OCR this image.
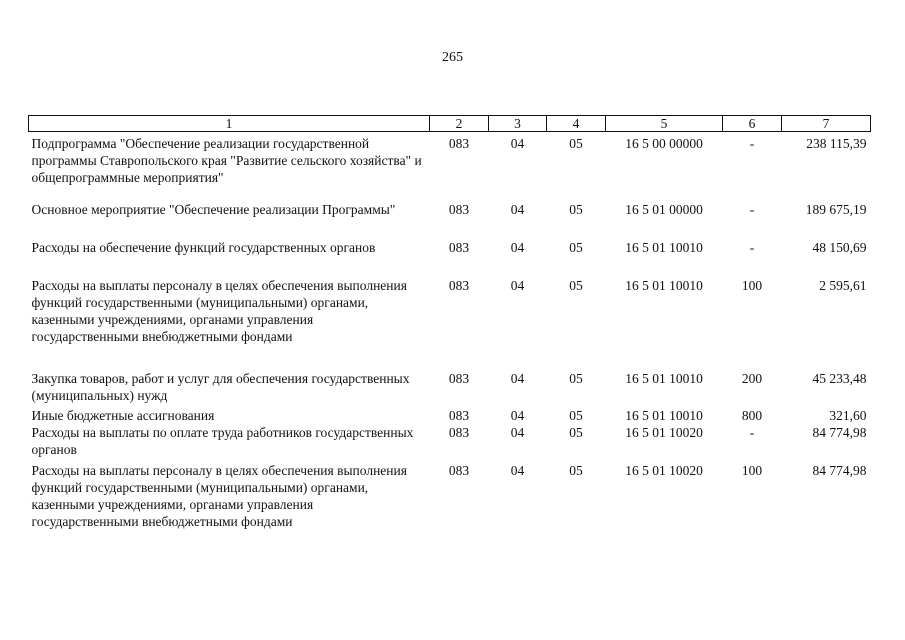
265
1	2	3	4	5	6	7
Подпрограмма "Обеспечение реализации государственной программы Ставропольского края "Развитие сельского хозяйства" и общепрограммные мероприятия"	083	04	05	16 5 00 00000	-	238 115,39
Основное мероприятие "Обеспечение реализации Программы"	083	04	05	16 5 01 00000	-	189 675,19
Расходы на обеспечение функций государственных органов	083	04	05	16 5 01 10010	-	48 150,69
Расходы на выплаты персоналу в целях обеспечения выполнения функций государственными (муниципальными) органами, казенными учреждениями, органами управления государственными внебюджетными фондами	083	04	05	16 5 01 10010	100	2 595,61
Закупка товаров, работ и услуг для обеспечения государственных (муниципальных) нужд	083	04	05	16 5 01 10010	200	45 233,48
Иные бюджетные ассигнования	083	04	05	16 5 01 10010	800	321,60
Расходы на выплаты по оплате труда работников государственных органов	083	04	05	16 5 01 10020	-	84 774,98
Расходы на выплаты персоналу в целях обеспечения выполнения функций государственными (муниципальными) органами, казенными учреждениями, органами управления государственными внебюджетными фондами	083	04	05	16 5 01 10020	100	84 774,98
